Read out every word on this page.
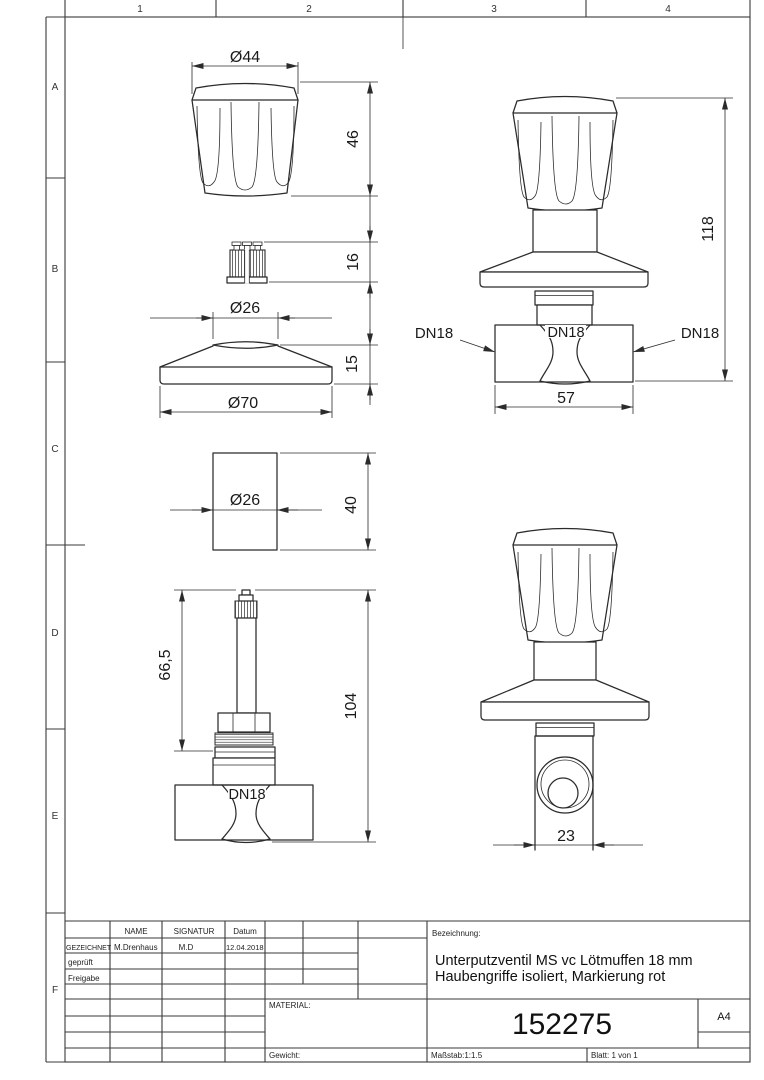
1	2	3	4
A
B
C
D
E
F
Ø44
46
16
Ø26
15
Ø70
Ø26	40
DN18
66,5
104
DN18
DN18	DN18
118
57
23
NAME	SIGNATUR Datum
GEZEICHNET M.Drenhaus	M.D	12.04.2018
geprüft
Freigabe
MATERIAL:
Gewicht:
Bezeichnung:
Unterputzventil MS vc Lötmuffen 18 mm
Haubengriffe isoliert, Markierung rot
152275	A4
Maßstab:1:1.5	Blatt: 1 von 1
